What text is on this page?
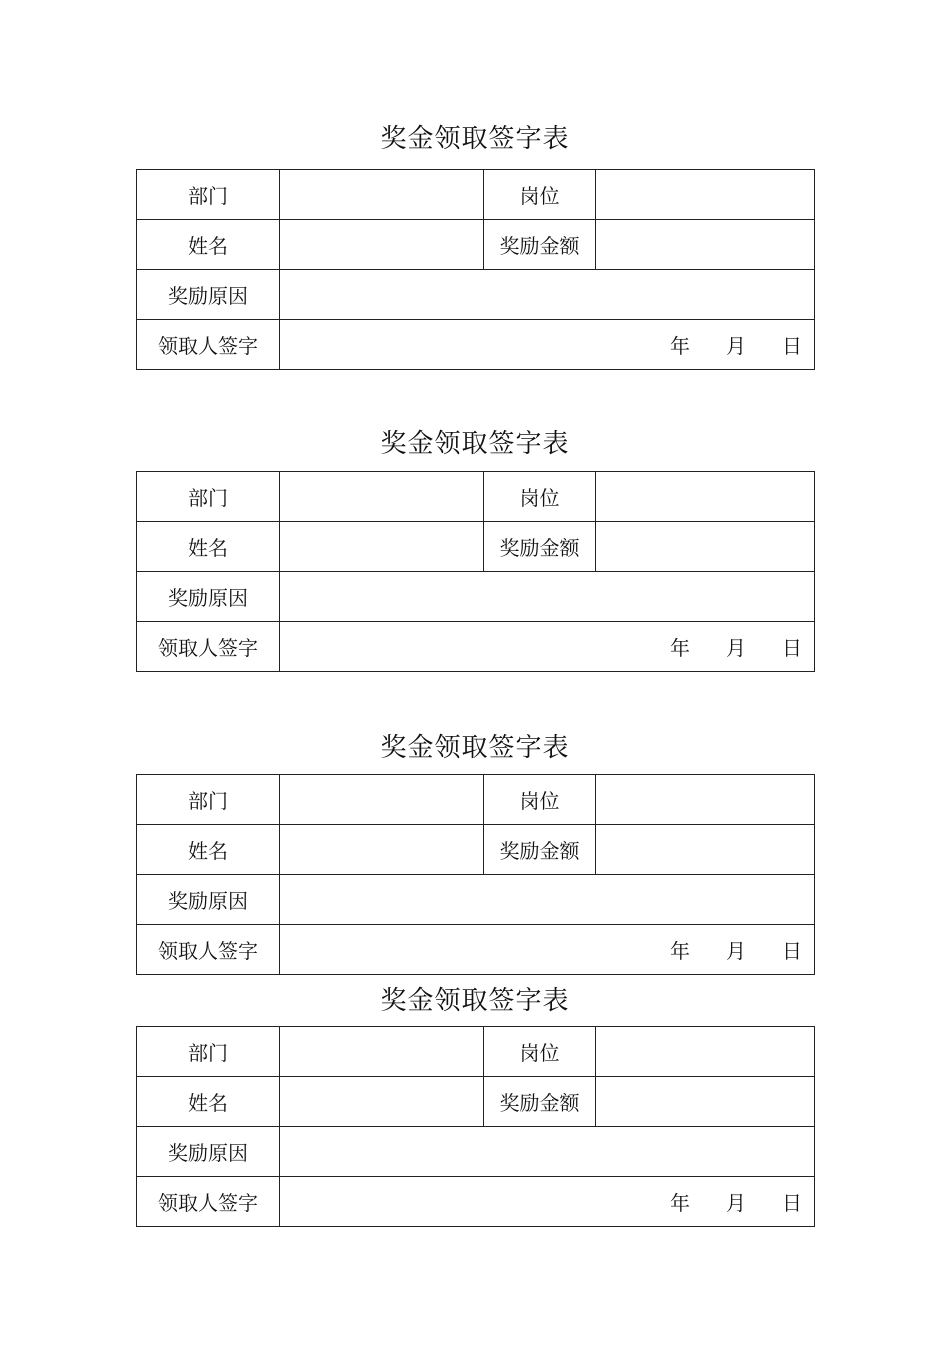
奖金领取签字表
部门		岗位	
姓名		奖励金额	
奖励原因			
领取人签字	年 月 日		
奖金领取签字表
部门		岗位	
姓名		奖励金额	
奖励原因			
领取人签字	年 月 日		
奖金领取签字表
部门		岗位	
姓名		奖励金额	
奖励原因			
领取人签字	年 月 日		
奖金领取签字表
部门		岗位	
姓名		奖励金额	
奖励原因			
领取人签字	年 月 日		
